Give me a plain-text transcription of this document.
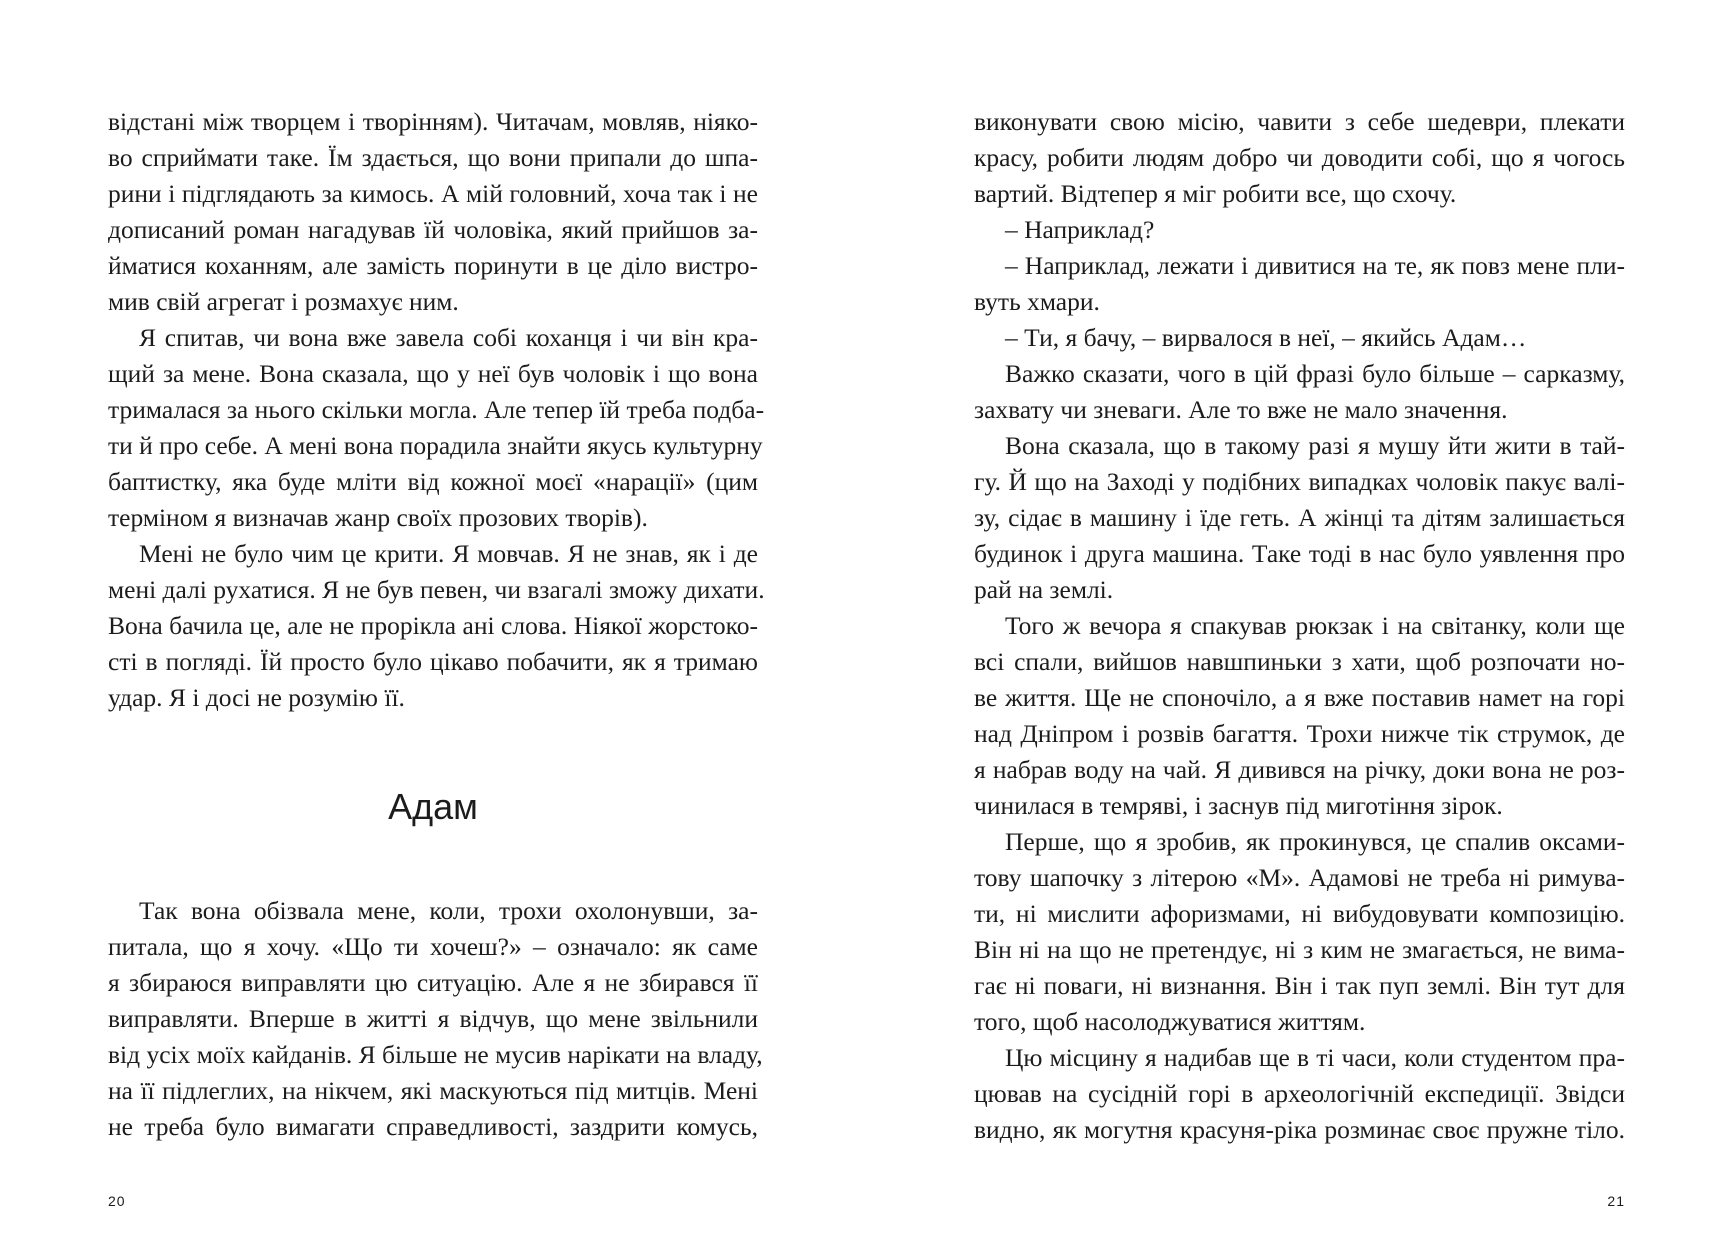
відстані між творцем і творінням). Читачам, мовляв, ніяко-
во сприймати таке. Їм здається, що вони припали до шпа-
рини і підглядають за кимось. А мій головний, хоча так і не
дописаний роман нагадував їй чоловіка, який прийшов за-
йматися коханням, але замість поринути в це діло вистро-
мив свій агрегат і розмахує ним.
Я спитав, чи вона вже завела собі коханця і чи він кра-
щий за мене. Вона сказала, що у неї був чоловік і що вона
трималася за нього скільки могла. Але тепер їй треба подба-
ти й про себе. А мені вона порадила знайти якусь культурну
баптистку, яка буде мліти від кожної моєї «нарації» (цим
терміном я визначав жанр своїх прозових творів).
Мені не було чим це крити. Я мовчав. Я не знав, як і де
мені далі рухатися. Я не був певен, чи взагалі зможу дихати.
Вона бачила це, але не прорікла ані слова. Ніякої жорстоко-
сті в погляді. Їй просто було цікаво побачити, як я тримаю
удар. Я і досі не розумію її.
Адам
Так вона обізвала мене, коли, трохи охолонувши, за-
питала, що я хочу. «Що ти хочеш?» – означало: як саме
я збираюся виправляти цю ситуацію. Але я не збирався її
виправляти. Вперше в житті я відчув, що мене звільнили
від усіх моїх кайданів. Я більше не мусив нарікати на владу,
на її підлеглих, на нікчем, які маскуються під митців. Мені
не треба було вимагати справедливості, заздрити комусь,
20
виконувати свою місію, чавити з себе шедеври, плекати
красу, робити людям добро чи доводити собі, що я чогось
вартий. Відтепер я міг робити все, що схочу.
– Наприклад?
– Наприклад, лежати і дивитися на те, як повз мене пли-
вуть хмари.
– Ти, я бачу, – вирвалося в неї, – якийсь Адам…
Важко сказати, чого в цій фразі було більше – сарказму,
захвату чи зневаги. Але то вже не мало значення.
Вона сказала, що в такому разі я мушу йти жити в тай-
гу. Й що на Заході у подібних випадках чоловік пакує валі-
зу, сідає в машину і їде геть. А жінці та дітям залишається
будинок і друга машина. Таке тоді в нас було уявлення про
рай на землі.
Того ж вечора я спакував рюкзак і на світанку, коли ще
всі спали, вийшов навшпиньки з хати, щоб розпочати но-
ве життя. Ще не споночіло, а я вже поставив намет на горі
над Дніпром і розвів багаття. Трохи нижче тік струмок, де
я набрав воду на чай. Я дивився на річку, доки вона не роз-
чинилася в темряві, і заснув під миготіння зірок.
Перше, що я зробив, як прокинувся, це спалив оксами-
тову шапочку з літерою «М». Адамові не треба ні римува-
ти, ні мислити афоризмами, ні вибудовувати композицію.
Він ні на що не претендує, ні з ким не змагається, не вима-
гає ні поваги, ні визнання. Він і так пуп землі. Він тут для
того, щоб насолоджуватися життям.
Цю місцину я надибав ще в ті часи, коли студентом пра-
цював на сусідній горі в археологічній експедиції. Звідси
видно, як могутня красуня-ріка розминає своє пружне тіло.
21
